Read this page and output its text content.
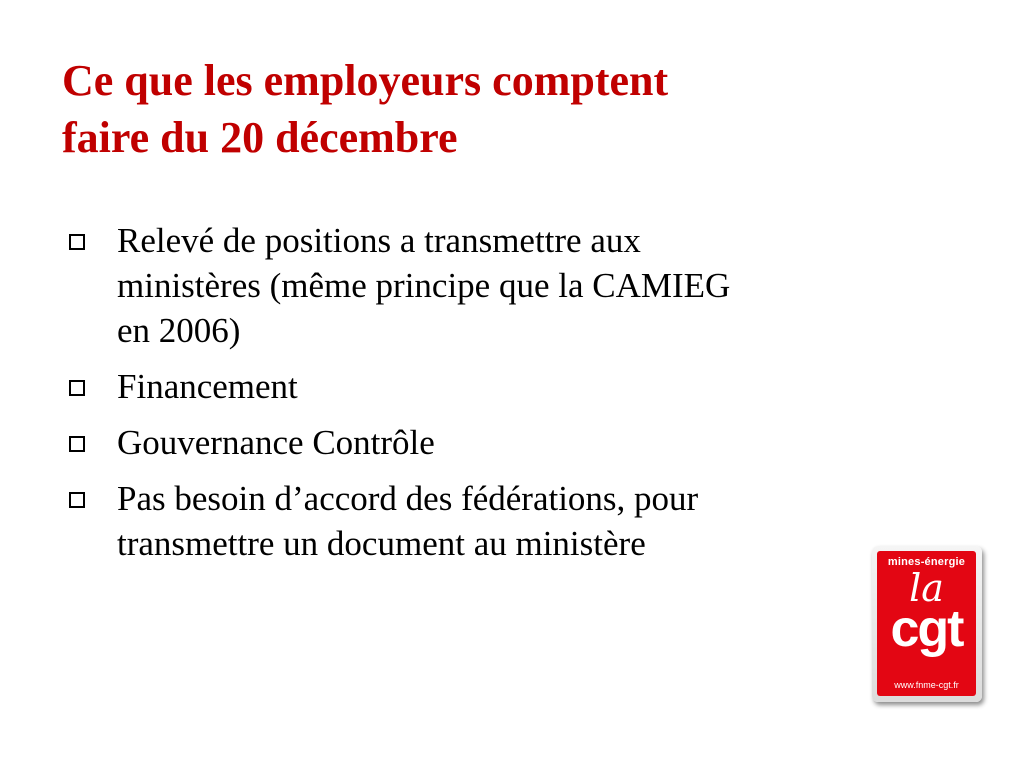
Ce que les employeurs comptent
faire du 20 décembre
Relevé de positions a transmettre aux
ministères (même principe que la CAMIEG
en 2006)
Financement
Gouvernance Contrôle
Pas besoin d’accord des fédérations, pour
transmettre un document au ministère	mines-énergie
la
cgt
www.fnme-cgt.fr
